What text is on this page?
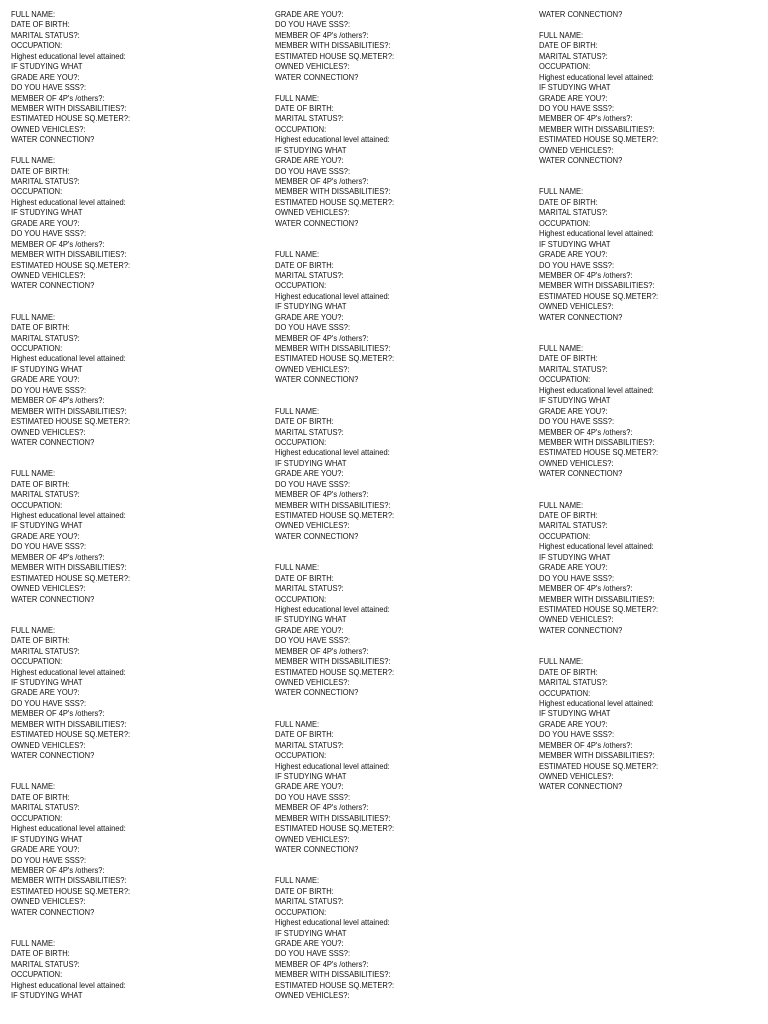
FULL NAME:
DATE OF BIRTH:
MARITAL STATUS?:
OCCUPATION:
Highest educational level attained:
IF STUDYING WHAT
GRADE ARE YOU?:
DO YOU HAVE SSS?:
MEMBER OF 4P's /others?:
MEMBER WITH DISSABILITIES?:
ESTIMATED HOUSE SQ.METER?:
OWNED VEHICLES?:
WATER CONNECTION?
FULL NAME:
DATE OF BIRTH:
MARITAL STATUS?:
OCCUPATION:
Highest educational level attained:
IF STUDYING WHAT
GRADE ARE YOU?:
DO YOU HAVE SSS?:
MEMBER OF 4P's /others?:
MEMBER WITH DISSABILITIES?:
ESTIMATED HOUSE SQ.METER?:
OWNED VEHICLES?:
WATER CONNECTION?
FULL NAME:
DATE OF BIRTH:
MARITAL STATUS?:
OCCUPATION:
Highest educational level attained:
IF STUDYING WHAT
GRADE ARE YOU?:
DO YOU HAVE SSS?:
MEMBER OF 4P's /others?:
MEMBER WITH DISSABILITIES?:
ESTIMATED HOUSE SQ.METER?:
OWNED VEHICLES?:
WATER CONNECTION?
FULL NAME:
DATE OF BIRTH:
MARITAL STATUS?:
OCCUPATION:
Highest educational level attained:
IF STUDYING WHAT
GRADE ARE YOU?:
DO YOU HAVE SSS?:
MEMBER OF 4P's /others?:
MEMBER WITH DISSABILITIES?:
ESTIMATED HOUSE SQ.METER?:
OWNED VEHICLES?:
WATER CONNECTION?
FULL NAME:
DATE OF BIRTH:
MARITAL STATUS?:
OCCUPATION:
Highest educational level attained:
IF STUDYING WHAT
GRADE ARE YOU?:
DO YOU HAVE SSS?:
MEMBER OF 4P's /others?:
MEMBER WITH DISSABILITIES?:
ESTIMATED HOUSE SQ.METER?:
OWNED VEHICLES?:
WATER CONNECTION?
FULL NAME:
DATE OF BIRTH:
MARITAL STATUS?:
OCCUPATION:
Highest educational level attained:
IF STUDYING WHAT
GRADE ARE YOU?:
DO YOU HAVE SSS?:
MEMBER OF 4P's /others?:
MEMBER WITH DISSABILITIES?:
ESTIMATED HOUSE SQ.METER?:
OWNED VEHICLES?:
WATER CONNECTION?
FULL NAME:
DATE OF BIRTH:
MARITAL STATUS?:
OCCUPATION:
Highest educational level attained:
IF STUDYING WHAT
GRADE ARE YOU?:
DO YOU HAVE SSS?:
MEMBER OF 4P's /others?:
MEMBER WITH DISSABILITIES?:
ESTIMATED HOUSE SQ.METER?:
OWNED VEHICLES?:
WATER CONNECTION?
FULL NAME:
DATE OF BIRTH:
MARITAL STATUS?:
OCCUPATION:
Highest educational level attained:
IF STUDYING WHAT
GRADE ARE YOU?:
DO YOU HAVE SSS?:
MEMBER OF 4P's /others?:
MEMBER WITH DISSABILITIES?:
ESTIMATED HOUSE SQ.METER?:
OWNED VEHICLES?:
WATER CONNECTION?
FULL NAME:
DATE OF BIRTH:
MARITAL STATUS?:
OCCUPATION:
Highest educational level attained:
IF STUDYING WHAT
GRADE ARE YOU?:
DO YOU HAVE SSS?:
MEMBER OF 4P's /others?:
MEMBER WITH DISSABILITIES?:
ESTIMATED HOUSE SQ.METER?:
OWNED VEHICLES?:
WATER CONNECTION?
FULL NAME:
DATE OF BIRTH:
MARITAL STATUS?:
OCCUPATION:
Highest educational level attained:
IF STUDYING WHAT
GRADE ARE YOU?:
DO YOU HAVE SSS?:
MEMBER OF 4P's /others?:
MEMBER WITH DISSABILITIES?:
ESTIMATED HOUSE SQ.METER?:
OWNED VEHICLES?:
WATER CONNECTION?
FULL NAME:
DATE OF BIRTH:
MARITAL STATUS?:
OCCUPATION:
Highest educational level attained:
IF STUDYING WHAT
GRADE ARE YOU?:
DO YOU HAVE SSS?:
MEMBER OF 4P's /others?:
MEMBER WITH DISSABILITIES?:
ESTIMATED HOUSE SQ.METER?:
OWNED VEHICLES?:
WATER CONNECTION?
FULL NAME:
DATE OF BIRTH:
MARITAL STATUS?:
OCCUPATION:
Highest educational level attained:
IF STUDYING WHAT
GRADE ARE YOU?:
DO YOU HAVE SSS?:
MEMBER OF 4P's /others?:
MEMBER WITH DISSABILITIES?:
ESTIMATED HOUSE SQ.METER?:
OWNED VEHICLES?:
WATER CONNECTION?
FULL NAME:
DATE OF BIRTH:
MARITAL STATUS?:
OCCUPATION:
Highest educational level attained:
IF STUDYING WHAT
GRADE ARE YOU?:
DO YOU HAVE SSS?:
MEMBER OF 4P's /others?:
MEMBER WITH DISSABILITIES?:
ESTIMATED HOUSE SQ.METER?:
OWNED VEHICLES?:
WATER CONNECTION?
FULL NAME:
DATE OF BIRTH:
MARITAL STATUS?:
OCCUPATION:
Highest educational level attained:
IF STUDYING WHAT
GRADE ARE YOU?:
DO YOU HAVE SSS?:
MEMBER OF 4P's /others?:
MEMBER WITH DISSABILITIES?:
ESTIMATED HOUSE SQ.METER?:
OWNED VEHICLES?:
WATER CONNECTION?
FULL NAME:
DATE OF BIRTH:
MARITAL STATUS?:
OCCUPATION:
Highest educational level attained:
IF STUDYING WHAT
GRADE ARE YOU?:
DO YOU HAVE SSS?:
MEMBER OF 4P's /others?:
MEMBER WITH DISSABILITIES?:
ESTIMATED HOUSE SQ.METER?:
OWNED VEHICLES?:
WATER CONNECTION?
FULL NAME:
DATE OF BIRTH:
MARITAL STATUS?:
OCCUPATION:
Highest educational level attained:
IF STUDYING WHAT
GRADE ARE YOU?:
DO YOU HAVE SSS?:
MEMBER OF 4P's /others?:
MEMBER WITH DISSABILITIES?:
ESTIMATED HOUSE SQ.METER?:
OWNED VEHICLES?:
WATER CONNECTION?
FULL NAME:
DATE OF BIRTH:
MARITAL STATUS?:
OCCUPATION:
Highest educational level attained:
IF STUDYING WHAT
GRADE ARE YOU?:
DO YOU HAVE SSS?:
MEMBER OF 4P's /others?:
MEMBER WITH DISSABILITIES?:
ESTIMATED HOUSE SQ.METER?:
OWNED VEHICLES?:
WATER CONNECTION?
FULL NAME:
DATE OF BIRTH:
MARITAL STATUS?:
OCCUPATION:
Highest educational level attained:
IF STUDYING WHAT
GRADE ARE YOU?:
DO YOU HAVE SSS?:
MEMBER OF 4P's /others?:
MEMBER WITH DISSABILITIES?:
ESTIMATED HOUSE SQ.METER?:
OWNED VEHICLES?:
WATER CONNECTION?
